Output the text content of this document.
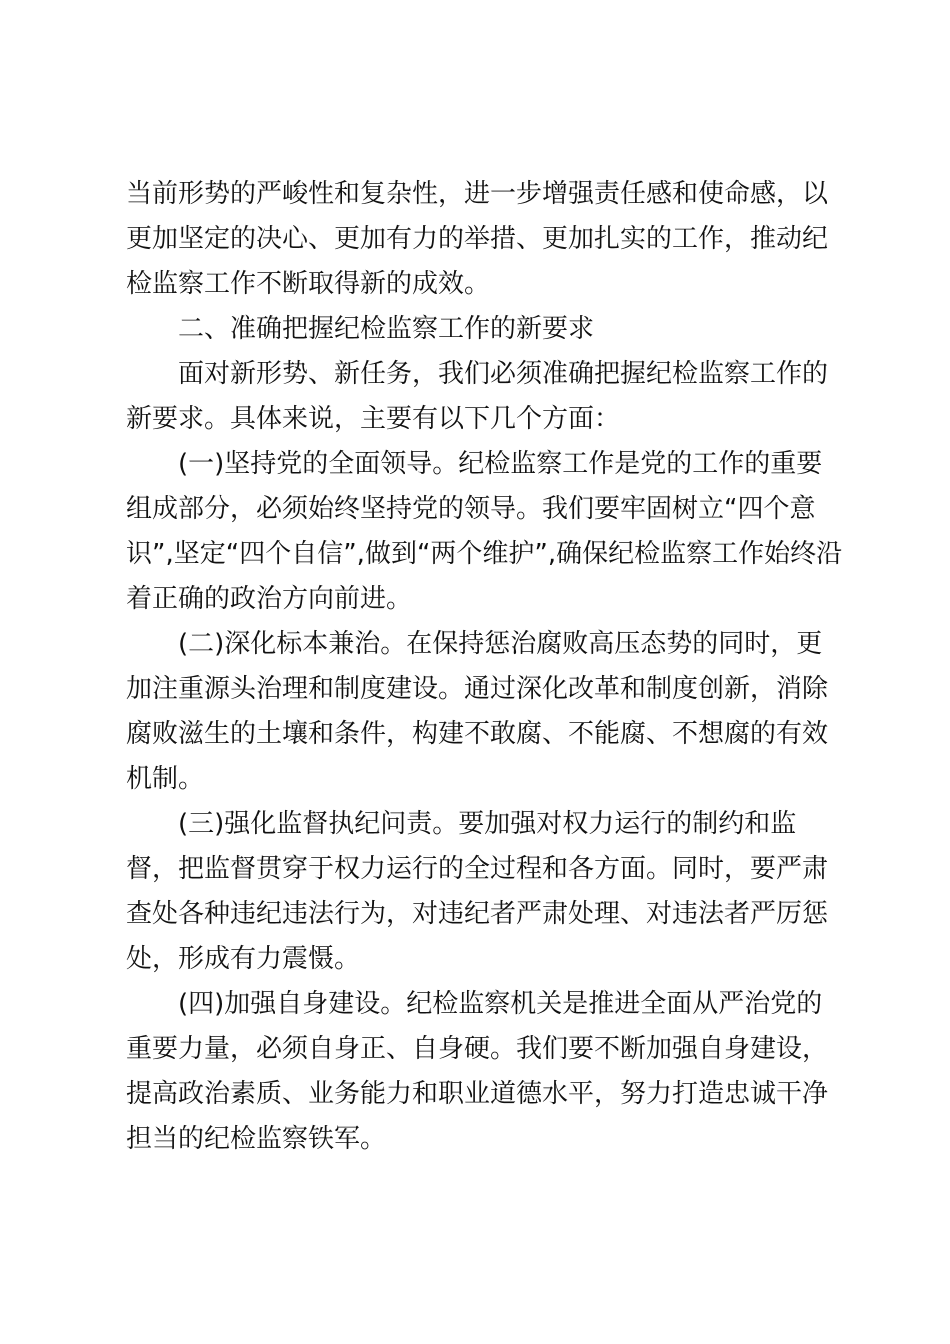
当前形势的严峻性和复杂性，进一步增强责任感和使命感，以
更加坚定的决心、更加有力的举措、更加扎实的工作，推动纪
检监察工作不断取得新的成效。
二、准确把握纪检监察工作的新要求
面对新形势、新任务，我们必须准确把握纪检监察工作的
新要求。具体来说，主要有以下几个方面：
(一)坚持党的全面领导。纪检监察工作是党的工作的重要
组成部分，必须始终坚持党的领导。我们要牢固树立“四个意
识”,坚定“四个自信”,做到“两个维护”,确保纪检监察工作始终沿
着正确的政治方向前进。
(二)深化标本兼治。在保持惩治腐败高压态势的同时，更
加注重源头治理和制度建设。通过深化改革和制度创新，消除
腐败滋生的土壤和条件，构建不敢腐、不能腐、不想腐的有效
机制。
(三)强化监督执纪问责。要加强对权力运行的制约和监
督，把监督贯穿于权力运行的全过程和各方面。同时，要严肃
查处各种违纪违法行为，对违纪者严肃处理、对违法者严厉惩
处，形成有力震慑。
(四)加强自身建设。纪检监察机关是推进全面从严治党的
重要力量，必须自身正、自身硬。我们要不断加强自身建设，
提高政治素质、业务能力和职业道德水平，努力打造忠诚干净
担当的纪检监察铁军。
